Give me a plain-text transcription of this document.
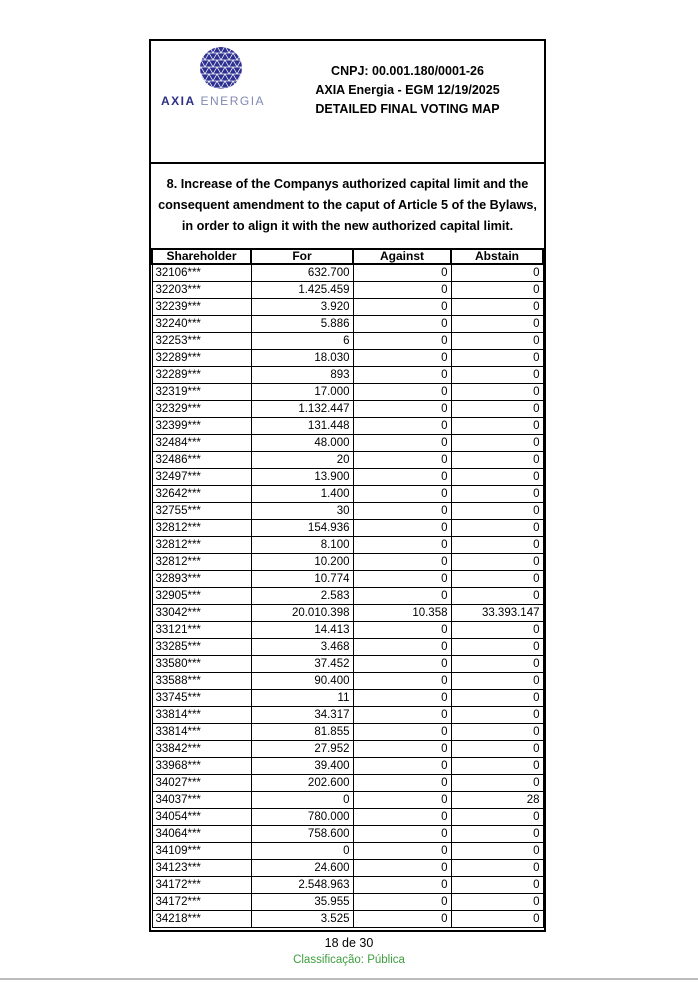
AXIA ENERGIA
CNPJ: 00.001.180/0001-26
AXIA Energia - EGM 12/19/2025
DETAILED FINAL VOTING MAP
8. Increase of the Companys authorized capital limit and the consequent amendment to the caput of Article 5 of the Bylaws, in order to align it with the new authorized capital limit.
Shareholder	For	Against	Abstain
32106***	632.700	0	0
32203***	1.425.459	0	0
32239***	3.920	0	0
32240***	5.886	0	0
32253***	6	0	0
32289***	18.030	0	0
32289***	893	0	0
32319***	17.000	0	0
32329***	1.132.447	0	0
32399***	131.448	0	0
32484***	48.000	0	0
32486***	20	0	0
32497***	13.900	0	0
32642***	1.400	0	0
32755***	30	0	0
32812***	154.936	0	0
32812***	8.100	0	0
32812***	10.200	0	0
32893***	10.774	0	0
32905***	2.583	0	0
33042***	20.010.398	10.358	33.393.147
33121***	14.413	0	0
33285***	3.468	0	0
33580***	37.452	0	0
33588***	90.400	0	0
33745***	11	0	0
33814***	34.317	0	0
33814***	81.855	0	0
33842***	27.952	0	0
33968***	39.400	0	0
34027***	202.600	0	0
34037***	0	0	28
34054***	780.000	0	0
34064***	758.600	0	0
34109***	0	0	0
34123***	24.600	0	0
34172***	2.548.963	0	0
34172***	35.955	0	0
34218***	3.525	0	0
18 de 30
Classificação: Pública
